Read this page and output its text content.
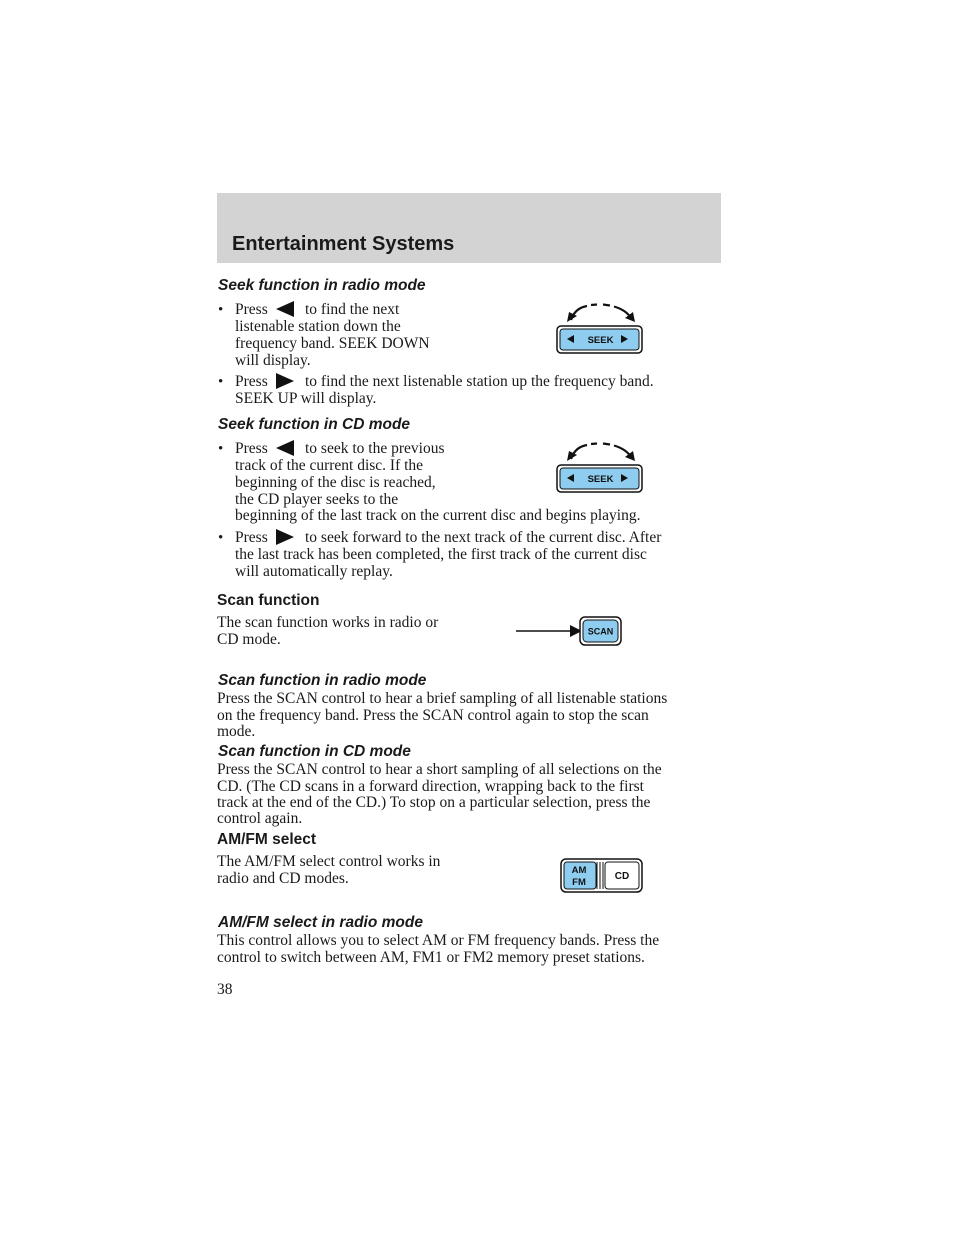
Entertainment Systems
Seek function in radio mode
• Press to find the next
listenable station down the
frequency band. SEEK DOWN
will display.
SEEK
• Press to find the next listenable station up the frequency band.
SEEK UP will display.
Seek function in CD mode
• Press to seek to the previous
track of the current disc. If the
beginning of the disc is reached,
the CD player seeks to the
beginning of the last track on the current disc and begins playing.
SEEK
• Press to seek forward to the next track of the current disc. After
the last track has been completed, the first track of the current disc
will automatically replay.
Scan function
The scan function works in radio or
CD mode.	SCAN
Scan function in radio mode
Press the SCAN control to hear a brief sampling of all listenable stations
on the frequency band. Press the SCAN control again to stop the scan
mode.
Scan function in CD mode
Press the SCAN control to hear a short sampling of all selections on the
CD. (The CD scans in a forward direction, wrapping back to the first
track at the end of the CD.) To stop on a particular selection, press the
control again.
AM/FM select
The AM/FM select control works in
radio and CD modes.	AM
FM
CD
AM/FM select in radio mode
This control allows you to select AM or FM frequency bands. Press the
control to switch between AM, FM1 or FM2 memory preset stations.
38
